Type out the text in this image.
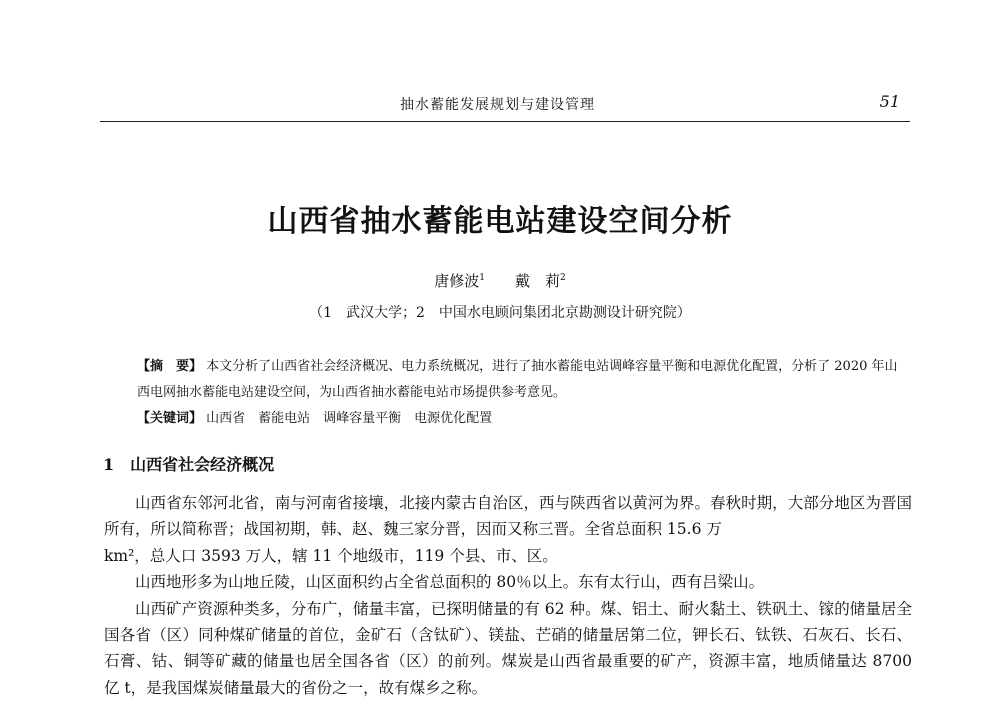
抽水蓄能发展规划与建设管理	51
山西省抽水蓄能电站建设空间分析
唐修波$^1$   戴　莉$^2$
（1　武汉大学；2　中国水电顾问集团北京勘测设计研究院）
【摘　要】 本文分析了山西省社会经济概况、电力系统概况，进行了抽水蓄能电站调峰容量平衡和电源优化配置，分析了 2020 年山西电网抽水蓄能电站建设空间，为山西省抽水蓄能电站市场提供参考意见。
【关键词】 山西省　蓄能电站　调峰容量平衡　电源优化配置
1　山西省社会经济概况

山西省东邻河北省，南与河南省接壤，北接内蒙古自治区，西与陕西省以黄河为界。春秋时期，大部分地区为晋国所有，所以简称晋；战国初期，韩、赵、魏三家分晋，因而又称三晋。全省总面积 15.6 万

km²，总人口 3593 万人，辖 11 个地级市，119 个县、市、区。

山西地形多为山地丘陵，山区面积约占全省总面积的 80％以上。东有太行山，西有吕梁山。

山西矿产资源种类多，分布广，储量丰富，已探明储量的有 62 种。煤、铝土、耐火黏土、铁矾土、镓的储量居全国各省（区）同种煤矿储量的首位，金矿石（含钛矿）、镁盐、芒硝的储量居第二位，钾长石、钛铁、石灰石、长石、石膏、钴、铜等矿藏的储量也居全国各省（区）的前列。煤炭是山西省最重要的矿产，资源丰富，地质储量达 8700 亿 t，是我国煤炭储量最大的省份之一，故有煤乡之称。
